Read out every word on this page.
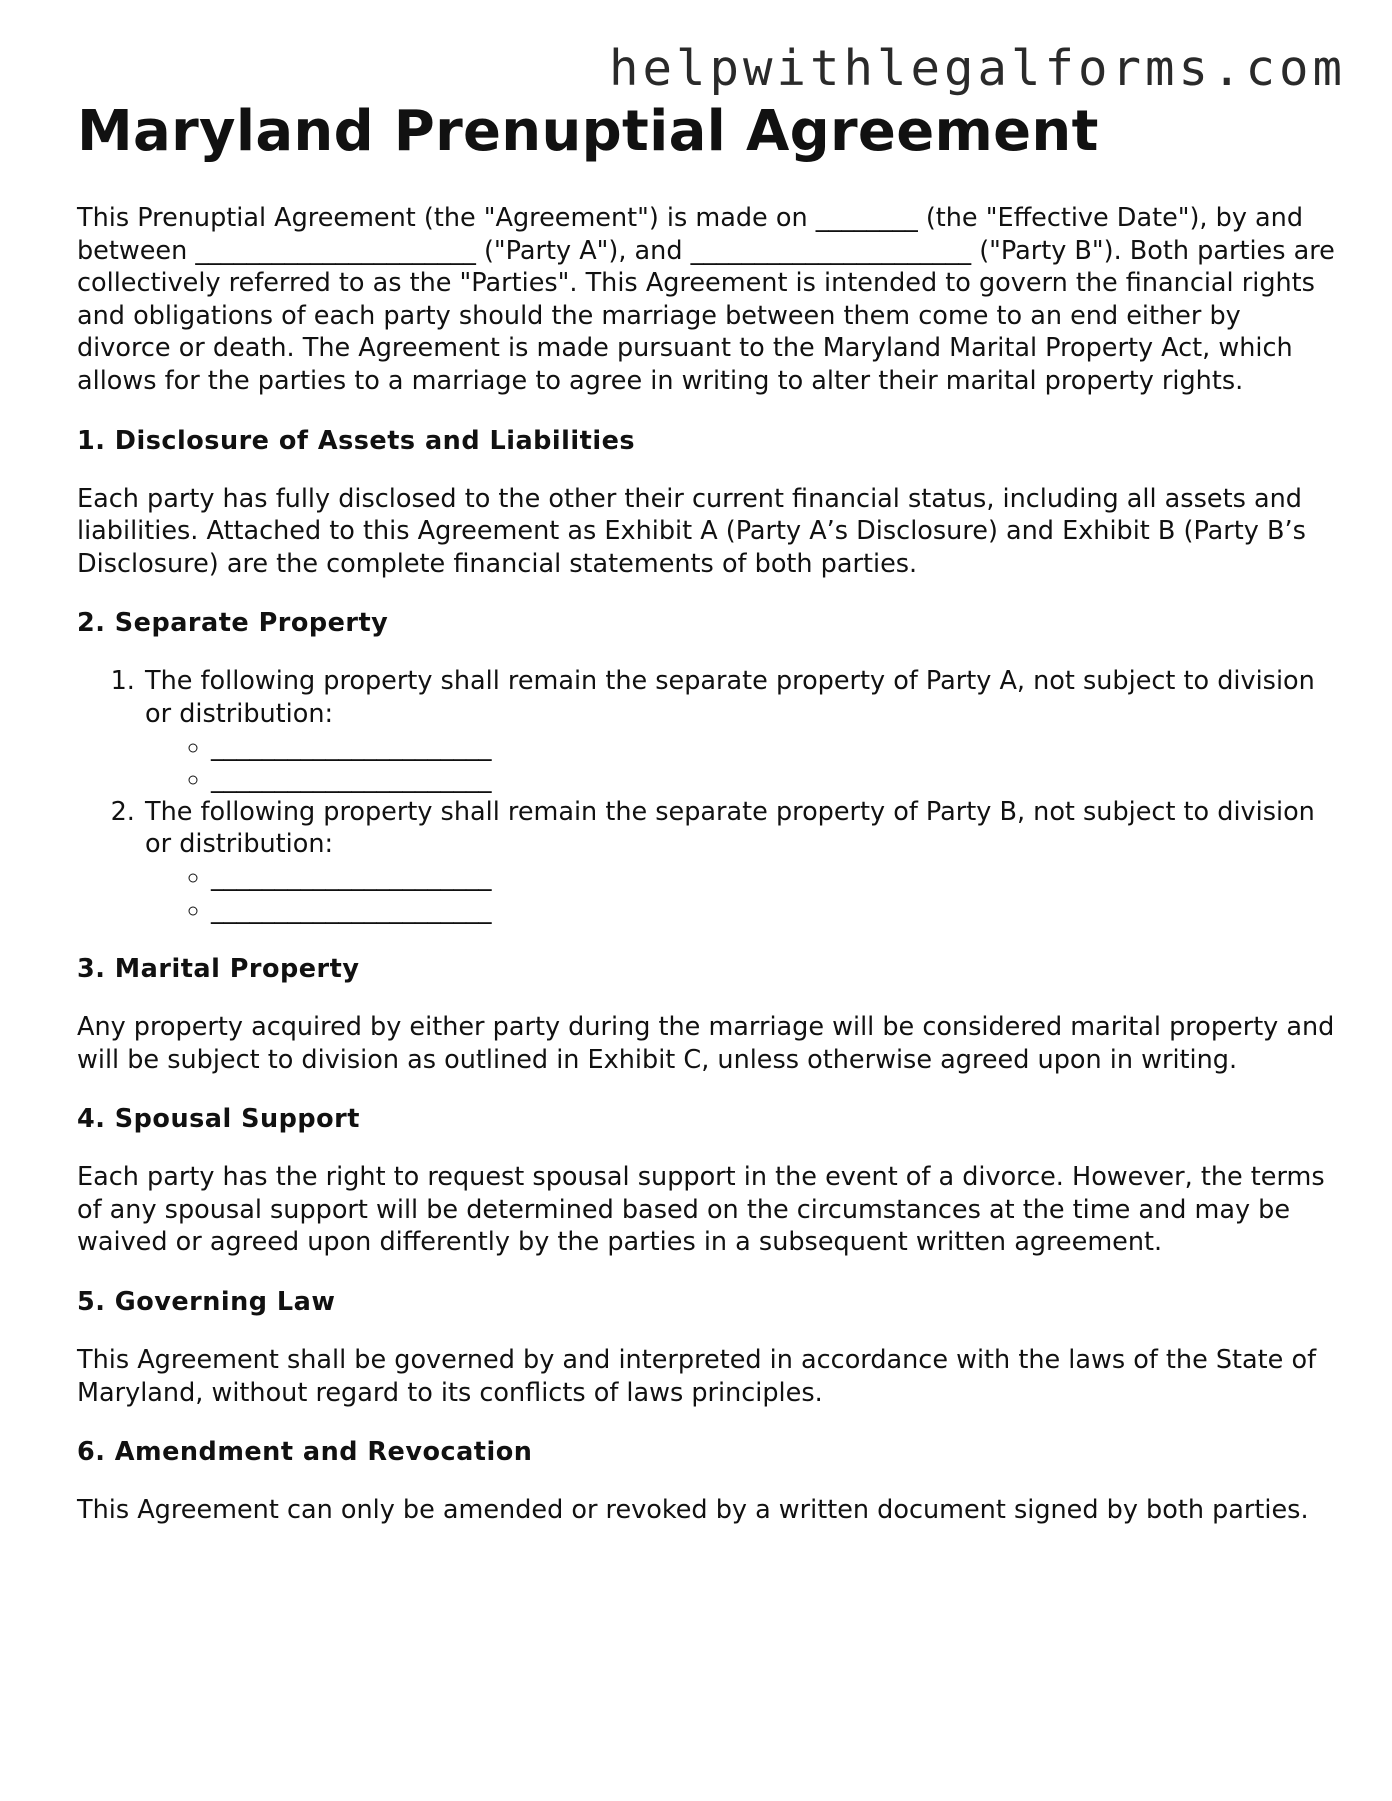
helpwithlegalforms.com
Maryland Prenuptial Agreement

This Prenuptial Agreement (the "Agreement") is made on ________ (the "Effective Date"), by and between ______________________ ("Party A"), and ______________________ ("Party B"). Both parties are collectively referred to as the "Parties". This Agreement is intended to govern the financial rights and obligations of each party should the marriage between them come to an end either by divorce or death. The Agreement is made pursuant to the Maryland Marital Property Act, which allows for the parties to a marriage to agree in writing to alter their marital property rights.

1. Disclosure of Assets and Liabilities

Each party has fully disclosed to the other their current financial status, including all assets and liabilities. Attached to this Agreement as Exhibit A (Party A’s Disclosure) and Exhibit B (Party B’s Disclosure) are the complete financial statements of both parties.

2. Separate Property
1. The following property shall remain the separate property of Party A, not subject to division or distribution:
◦ ______________________
◦ ______________________
2. The following property shall remain the separate property of Party B, not subject to division or distribution:
◦ ______________________
◦ ______________________
3. Marital Property

Any property acquired by either party during the marriage will be considered marital property and will be subject to division as outlined in Exhibit C, unless otherwise agreed upon in writing.

4. Spousal Support

Each party has the right to request spousal support in the event of a divorce. However, the terms of any spousal support will be determined based on the circumstances at the time and may be waived or agreed upon differently by the parties in a subsequent written agreement.

5. Governing Law

This Agreement shall be governed by and interpreted in accordance with the laws of the State of Maryland, without regard to its conflicts of laws principles.

6. Amendment and Revocation

This Agreement can only be amended or revoked by a written document signed by both parties.
